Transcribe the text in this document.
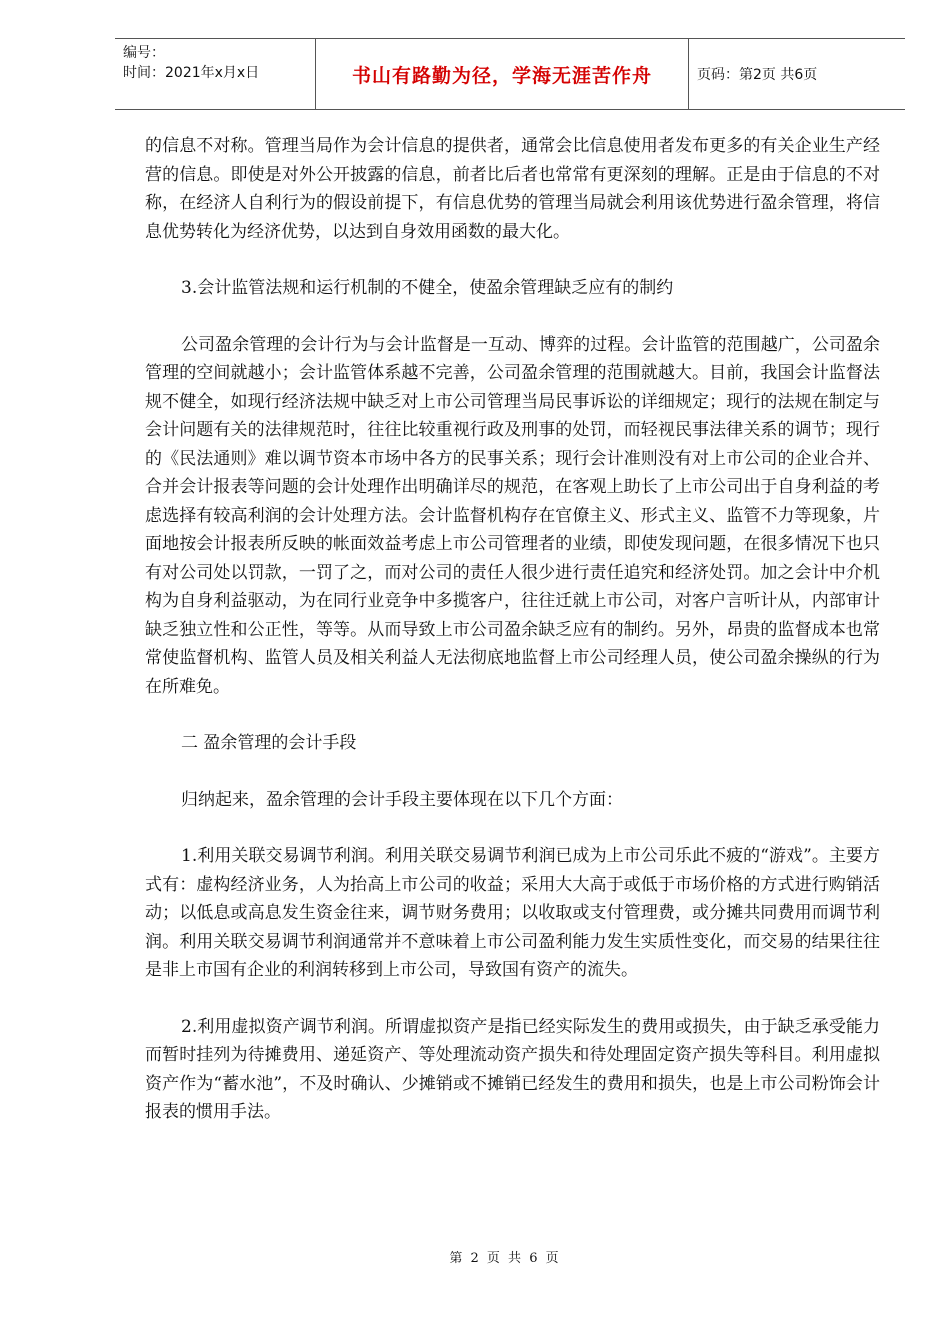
编号：
时间：2021年x月x日	书山有路勤为径，学海无涯苦作舟	页码：第2页 共6页

的信息不对称。管理当局作为会计信息的提供者，通常会比信息使用者发布更多的有关企业生产经营的信息。即使是对外公开披露的信息，前者比后者也常常有更深刻的理解。正是由于信息的不对称，在经济人自利行为的假设前提下，有信息优势的管理当局就会利用该优势进行盈余管理，将信息优势转化为经济优势，以达到自身效用函数的最大化。

3.会计监管法规和运行机制的不健全，使盈余管理缺乏应有的制约

公司盈余管理的会计行为与会计监督是一互动、博弈的过程。会计监管的范围越广，公司盈余管理的空间就越小；会计监管体系越不完善，公司盈余管理的范围就越大。目前，我国会计监督法规不健全，如现行经济法规中缺乏对上市公司管理当局民事诉讼的详细规定；现行的法规在制定与会计问题有关的法律规范时，往往比较重视行政及刑事的处罚，而轻视民事法律关系的调节；现行的《民法通则》难以调节资本市场中各方的民事关系；现行会计准则没有对上市公司的企业合并、合并会计报表等问题的会计处理作出明确详尽的规范，在客观上助长了上市公司出于自身利益的考虑选择有较高利润的会计处理方法。会计监督机构存在官僚主义、形式主义、监管不力等现象，片面地按会计报表所反映的帐面效益考虑上市公司管理者的业绩，即使发现问题，在很多情况下也只有对公司处以罚款，一罚了之，而对公司的责任人很少进行责任追究和经济处罚。加之会计中介机构为自身利益驱动，为在同行业竞争中多揽客户，往往迁就上市公司，对客户言听计从，内部审计缺乏独立性和公正性，等等。从而导致上市公司盈余缺乏应有的制约。另外，昂贵的监督成本也常常使监督机构、监管人员及相关利益人无法彻底地监督上市公司经理人员，使公司盈余操纵的行为在所难免。

二 盈余管理的会计手段

归纳起来，盈余管理的会计手段主要体现在以下几个方面：

1.利用关联交易调节利润。利用关联交易调节利润已成为上市公司乐此不疲的“游戏”。主要方式有：虚构经济业务，人为抬高上市公司的收益；采用大大高于或低于市场价格的方式进行购销活动；以低息或高息发生资金往来，调节财务费用；以收取或支付管理费，或分摊共同费用而调节利润。利用关联交易调节利润通常并不意味着上市公司盈利能力发生实质性变化，而交易的结果往往是非上市国有企业的利润转移到上市公司，导致国有资产的流失。

2.利用虚拟资产调节利润。所谓虚拟资产是指已经实际发生的费用或损失，由于缺乏承受能力而暂时挂列为待摊费用、递延资产、等处理流动资产损失和待处理固定资产损失等科目。利用虚拟资产作为“蓄水池”，不及时确认、少摊销或不摊销已经发生的费用和损失，也是上市公司粉饰会计报表的惯用手法。

第 2 页 共 6 页
